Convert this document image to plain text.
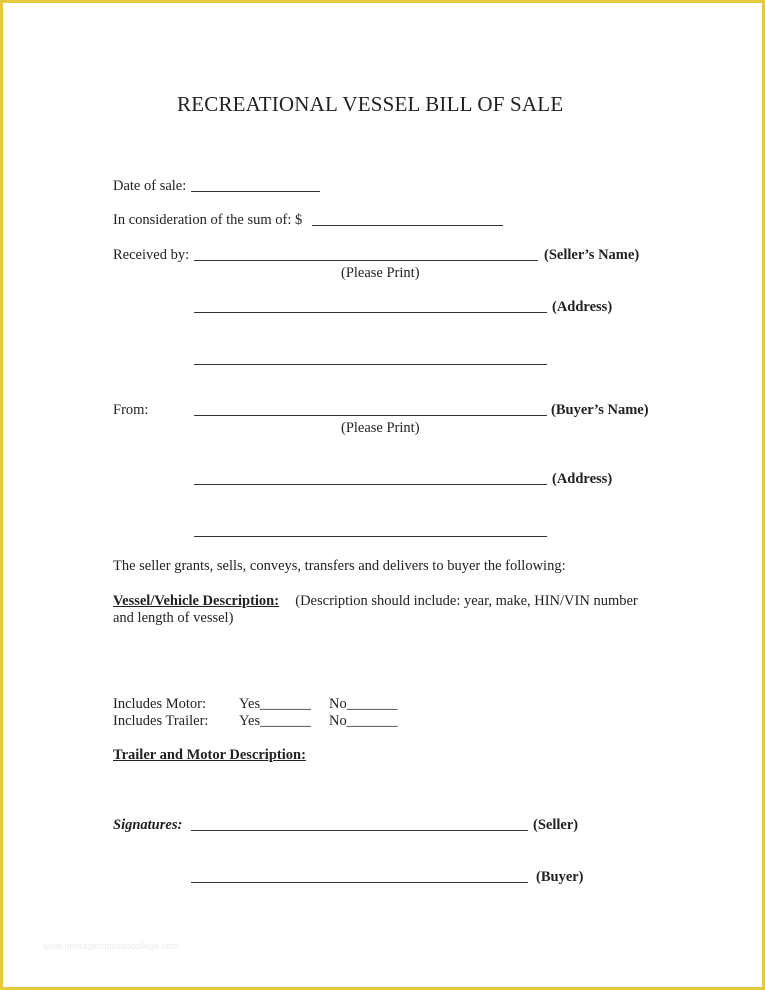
RECREATIONAL VESSEL BILL OF SALE
Date of sale:
In consideration of the sum of: $
Received by:	(Seller’s Name)
(Please Print)
(Address)
From:	(Buyer’s Name)
(Please Print)
(Address)
The seller grants, sells, conveys, transfers and delivers to buyer the following:
Vessel/Vehicle Description: (Description should include: year, make, HIN/VIN number
and length of vessel)
Includes Motor: Yes_______ No_______
Includes Trailer: Yes_______ No_______
Trailer and Motor Description:
Signatures:	(Seller)
(Buyer)
www.heritagechristiancollege.com
